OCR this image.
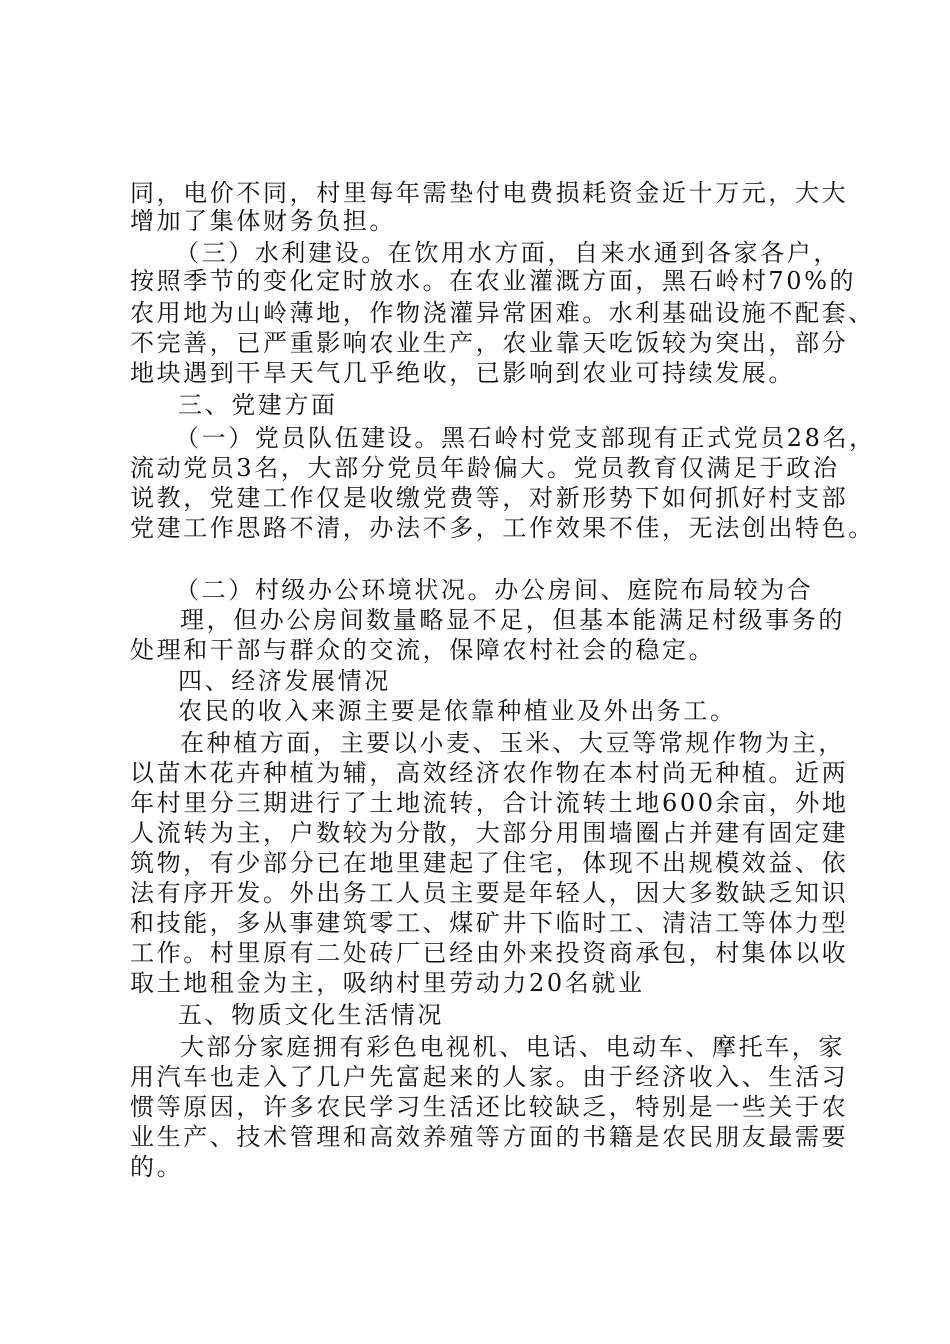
同，电价不同，村里每年需垫付电费损耗资金近十万元，大大
增加了集体财务负担。
（三）水利建设。在饮用水方面，自来水通到各家各户，
按照季节的变化定时放水。在农业灌溉方面，黑石岭村70%的
农用地为山岭薄地，作物浇灌异常困难。水利基础设施不配套、
不完善，已严重影响农业生产，农业靠天吃饭较为突出，部分
地块遇到干旱天气几乎绝收，已影响到农业可持续发展。
三、党建方面
（一）党员队伍建设。黑石岭村党支部现有正式党员28名，
流动党员3名，大部分党员年龄偏大。党员教育仅满足于政治
说教，党建工作仅是收缴党费等，对新形势下如何抓好村支部
党建工作思路不清，办法不多，工作效果不佳，无法创出特色。
（二）村级办公环境状况。办公房间、庭院布局较为合
理，但办公房间数量略显不足，但基本能满足村级事务的
处理和干部与群众的交流，保障农村社会的稳定。
四、经济发展情况
农民的收入来源主要是依靠种植业及外出务工。
在种植方面，主要以小麦、玉米、大豆等常规作物为主，
以苗木花卉种植为辅，高效经济农作物在本村尚无种植。近两
年村里分三期进行了土地流转，合计流转土地600余亩，外地
人流转为主，户数较为分散，大部分用围墙圈占并建有固定建
筑物，有少部分已在地里建起了住宅，体现不出规模效益、依
法有序开发。外出务工人员主要是年轻人，因大多数缺乏知识
和技能，多从事建筑零工、煤矿井下临时工、清洁工等体力型
工作。村里原有二处砖厂已经由外来投资商承包，村集体以收
取土地租金为主，吸纳村里劳动力20名就业
五、物质文化生活情况
大部分家庭拥有彩色电视机、电话、电动车、摩托车，家
用汽车也走入了几户先富起来的人家。由于经济收入、生活习
惯等原因，许多农民学习生活还比较缺乏，特别是一些关于农
业生产、技术管理和高效养殖等方面的书籍是农民朋友最需要
的。
